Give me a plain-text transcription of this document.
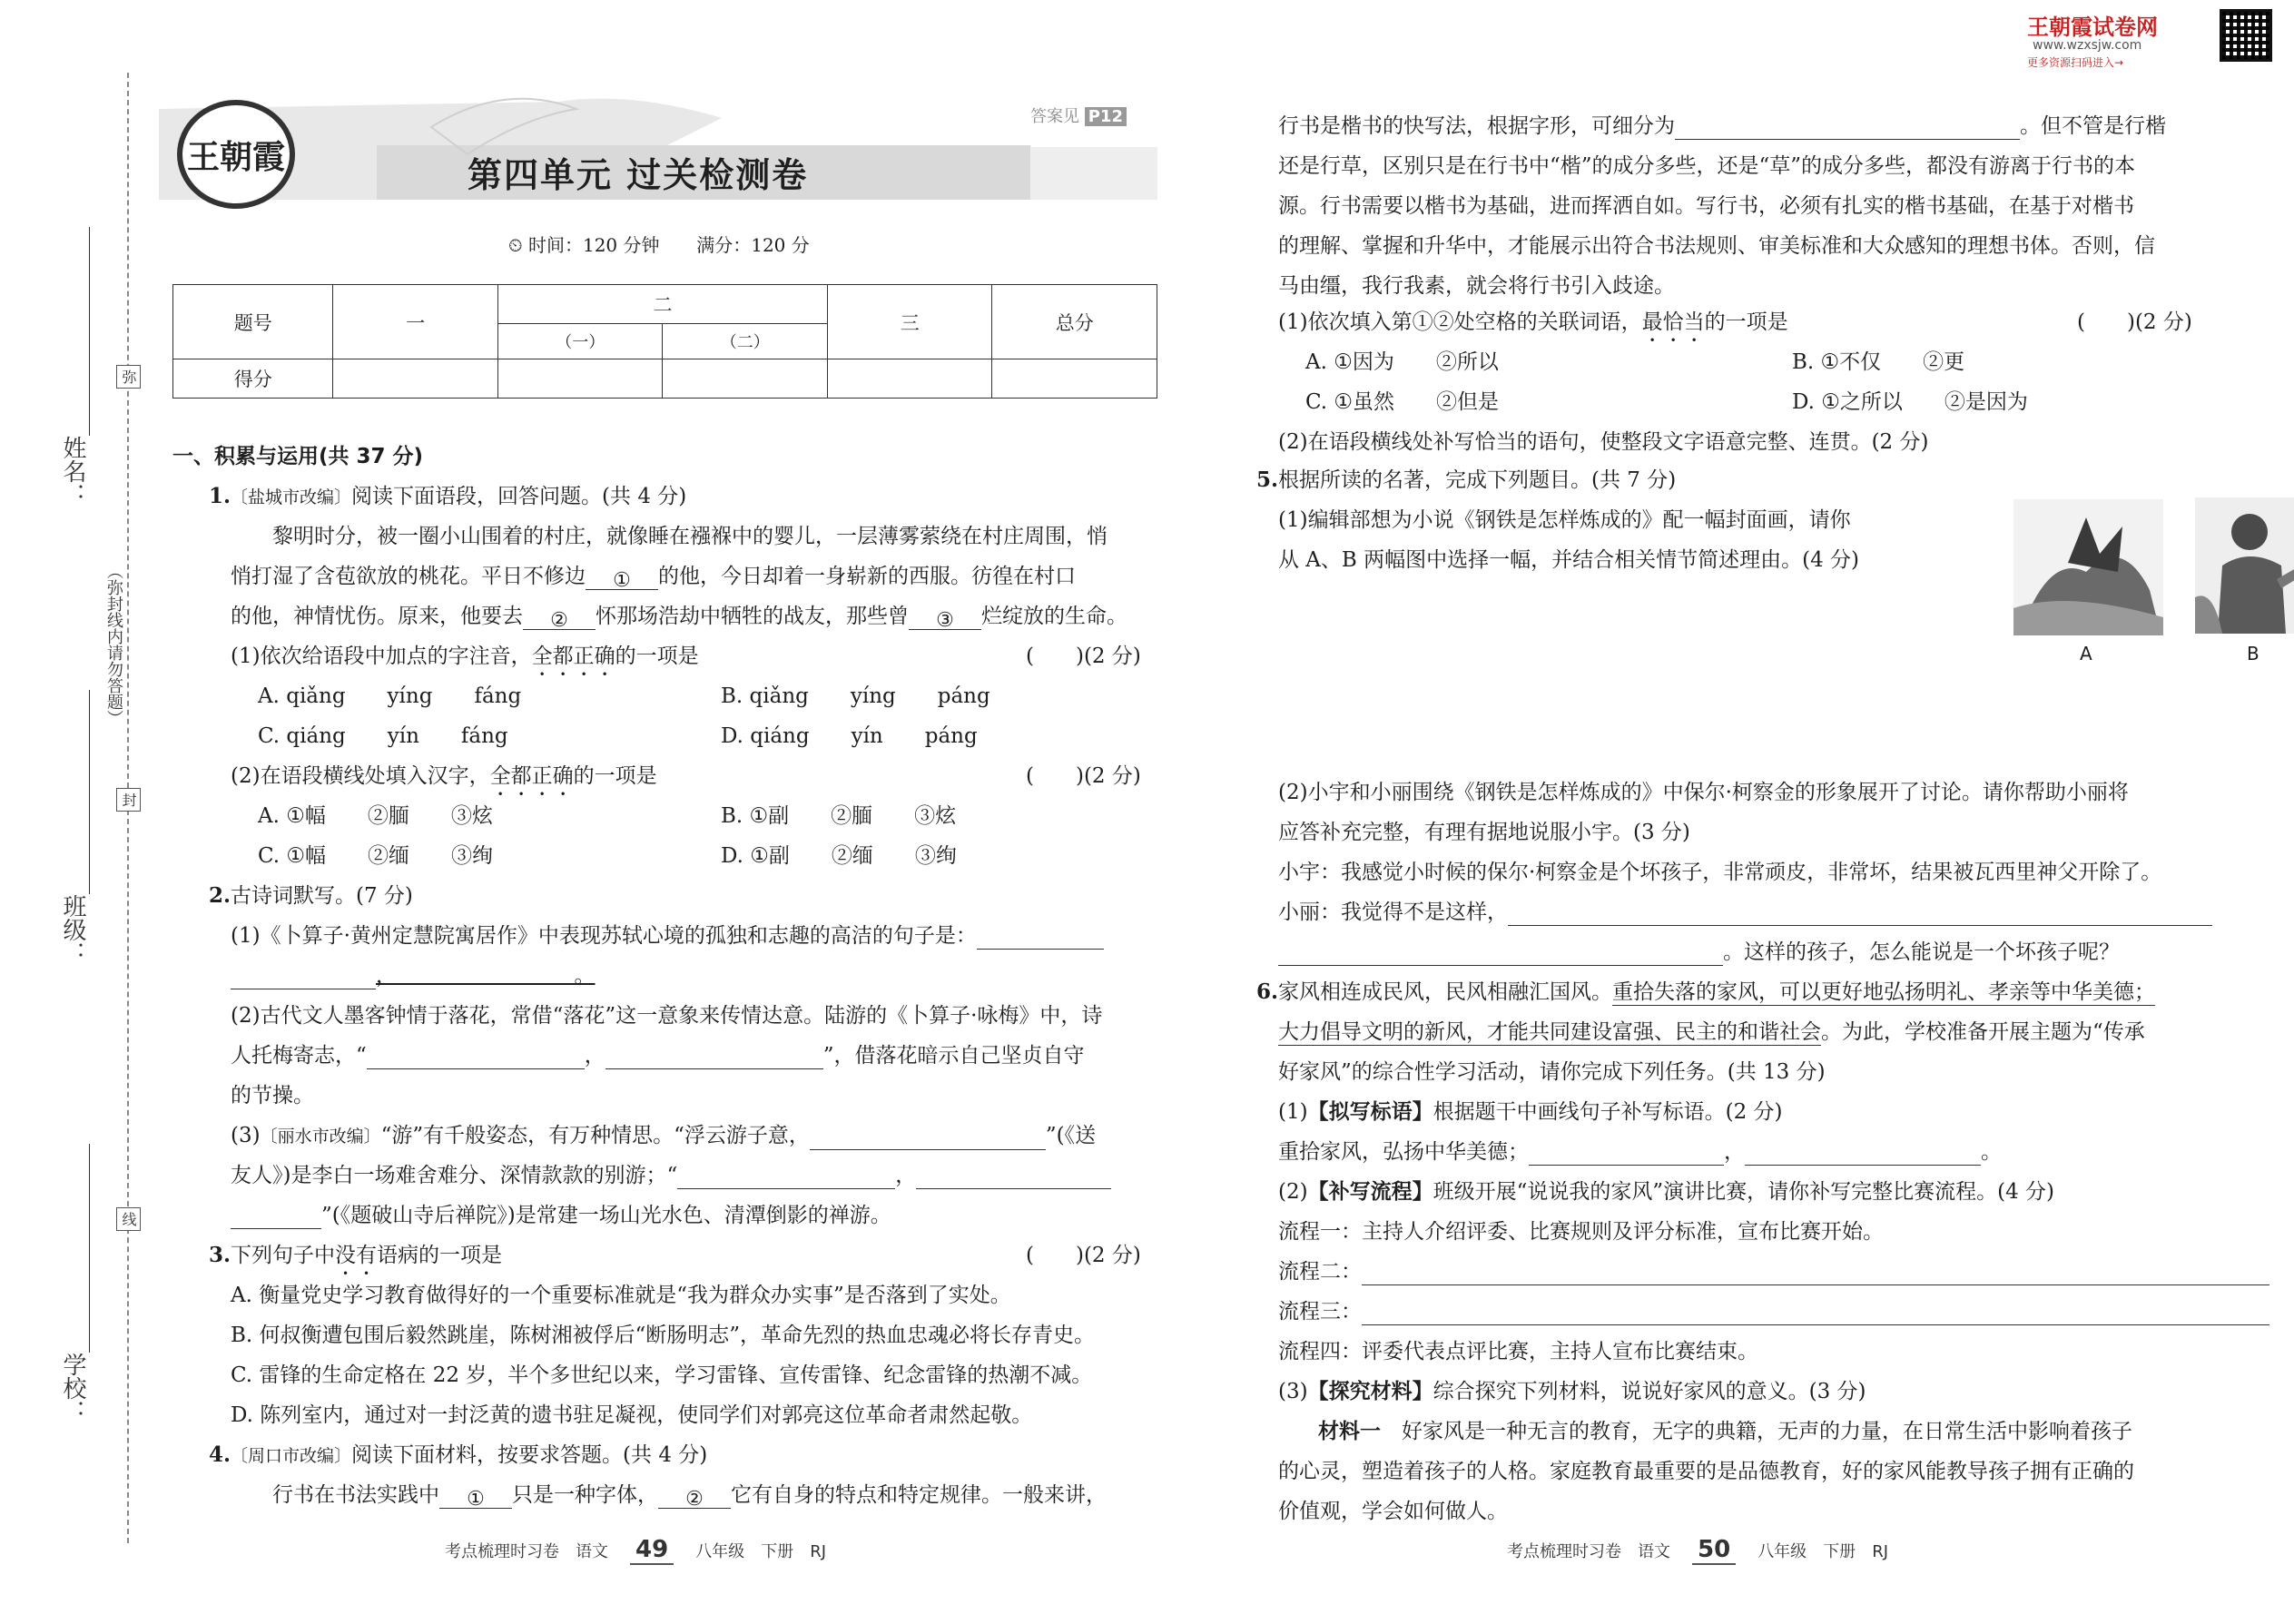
姓名：
班级：
学校：
（弥封线内请勿答题）
弥
封
线
王朝霞	第四单元 过关检测卷
答案见 P12
⏲ 时间：120 分钟 满分：120 分
题号	一	二		三	总分
		（一）	（二）		
得分					
一、积累与运用(共 37 分)
1.〔盐城市改编〕阅读下面语段，回答问题。(共 4 分)
黎明时分，被一圈小山围着的村庄，就像睡在襁褓中的婴儿，一层薄雾萦绕在村庄周围，悄
悄打湿了含苞欲放的桃花。平日不修边 ① 的他，今日却着一身崭新的西服。彷徨在村口
的他，神情忧伤。原来，他要去 ② 怀那场浩劫中牺牲的战友，那些曾 ③ 烂绽放的生命。
(1)依次给语段中加点的字注音，全都正确的一项是	(　　)(2 分)
A. qiǎng　　yíng　　fáng	B. qiǎng　　yíng　　páng
C. qiáng　　yín　　fáng	D. qiáng　　yín　　páng
(2)在语段横线处填入汉字，全都正确的一项是	(　　)(2 分)
A. ①幅　　②腼　　③炫	B. ①副　　②腼　　③炫
C. ①幅　　②缅　　③绚	D. ①副　　②缅　　③绚
2.古诗词默写。(7 分)
(1)《卜算子·黄州定慧院寓居作》中表现苏轼心境的孤独和志趣的高洁的句子是：
，　　　　　　　　　。
(2)古代文人墨客钟情于落花，常借“落花”这一意象来传情达意。陆游的《卜算子·咏梅》中，诗
人托梅寄志，“	，	”，借落花暗示自己坚贞自守
的节操。
(3)〔丽水市改编〕“游”有千般姿态，有万种情思。“浮云游子意，	”(《送
友人》)是李白一场难舍难分、深情款款的别游；“	，
”(《题破山寺后禅院》)是常建一场山光水色、清潭倒影的禅游。
3.下列句子中没有语病的一项是	(　　)(2 分)
A. 衡量党史学习教育做得好的一个重要标准就是“我为群众办实事”是否落到了实处。
B. 何叔衡遭包围后毅然跳崖，陈树湘被俘后“断肠明志”，革命先烈的热血忠魂必将长存青史。
C. 雷锋的生命定格在 22 岁，半个多世纪以来，学习雷锋、宣传雷锋、纪念雷锋的热潮不减。
D. 陈列室内，通过对一封泛黄的遗书驻足凝视，使同学们对郭亮这位革命者肃然起敬。
4.〔周口市改编〕阅读下面材料，按要求答题。(共 4 分)
行书在书法实践中 ① 只是一种字体， ② 它有自身的特点和特定规律。一般来讲，
考点梳理时习卷　 语文 49 八年级　 下册　 RJ
王朝霞试卷网
www.wzxsjw.com
更多资源扫码进入→
行书是楷书的快写法，根据字形，可细分为	。但不管是行楷
还是行草，区别只是在行书中“楷”的成分多些，还是“草”的成分多些，都没有游离于行书的本
源。行书需要以楷书为基础，进而挥洒自如。写行书，必须有扎实的楷书基础，在基于对楷书
的理解、掌握和升华中，才能展示出符合书法规则、审美标准和大众感知的理想书体。否则，信
马由缰，我行我素，就会将行书引入歧途。
(1)依次填入第①②处空格的关联词语，最恰当的一项是	(　　)(2 分)
A. ①因为　　②所以	B. ①不仅　　②更
C. ①虽然　　②但是	D. ①之所以　　②是因为
(2)在语段横线处补写恰当的语句，使整段文字语意完整、连贯。(2 分)
5.根据所读的名著，完成下列题目。(共 7 分)
(1)编辑部想为小说《钢铁是怎样炼成的》配一幅封面画，请你
从 A、B 两幅图中选择一幅，并结合相关情节简述理由。(4 分)
A	B
(2)小宇和小丽围绕《钢铁是怎样炼成的》中保尔·柯察金的形象展开了讨论。请你帮助小丽将
应答补充完整，有理有据地说服小宇。(3 分)
小宇：我感觉小时候的保尔·柯察金是个坏孩子，非常顽皮，非常坏，结果被瓦西里神父开除了。
小丽：我觉得不是这样，
。这样的孩子，怎么能说是一个坏孩子呢？
6.家风相连成民风，民风相融汇国风。重拾失落的家风，可以更好地弘扬明礼、孝亲等中华美德；
大力倡导文明的新风，才能共同建设富强、民主的和谐社会。为此，学校准备开展主题为“传承
好家风”的综合性学习活动，请你完成下列任务。(共 13 分)
(1)【拟写标语】根据题干中画线句子补写标语。(2 分)
重拾家风，弘扬中华美德；	，	。
(2)【补写流程】班级开展“说说我的家风”演讲比赛，请你补写完整比赛流程。(4 分)
流程一：主持人介绍评委、比赛规则及评分标准，宣布比赛开始。
流程二：
流程三：
流程四：评委代表点评比赛，主持人宣布比赛结束。
(3)【探究材料】综合探究下列材料，说说好家风的意义。(3 分)
材料一　 好家风是一种无言的教育，无字的典籍，无声的力量，在日常生活中影响着孩子
的心灵，塑造着孩子的人格。家庭教育最重要的是品德教育，好的家风能教导孩子拥有正确的
价值观，学会如何做人。
考点梳理时习卷　 语文 50 八年级　 下册　 RJ
